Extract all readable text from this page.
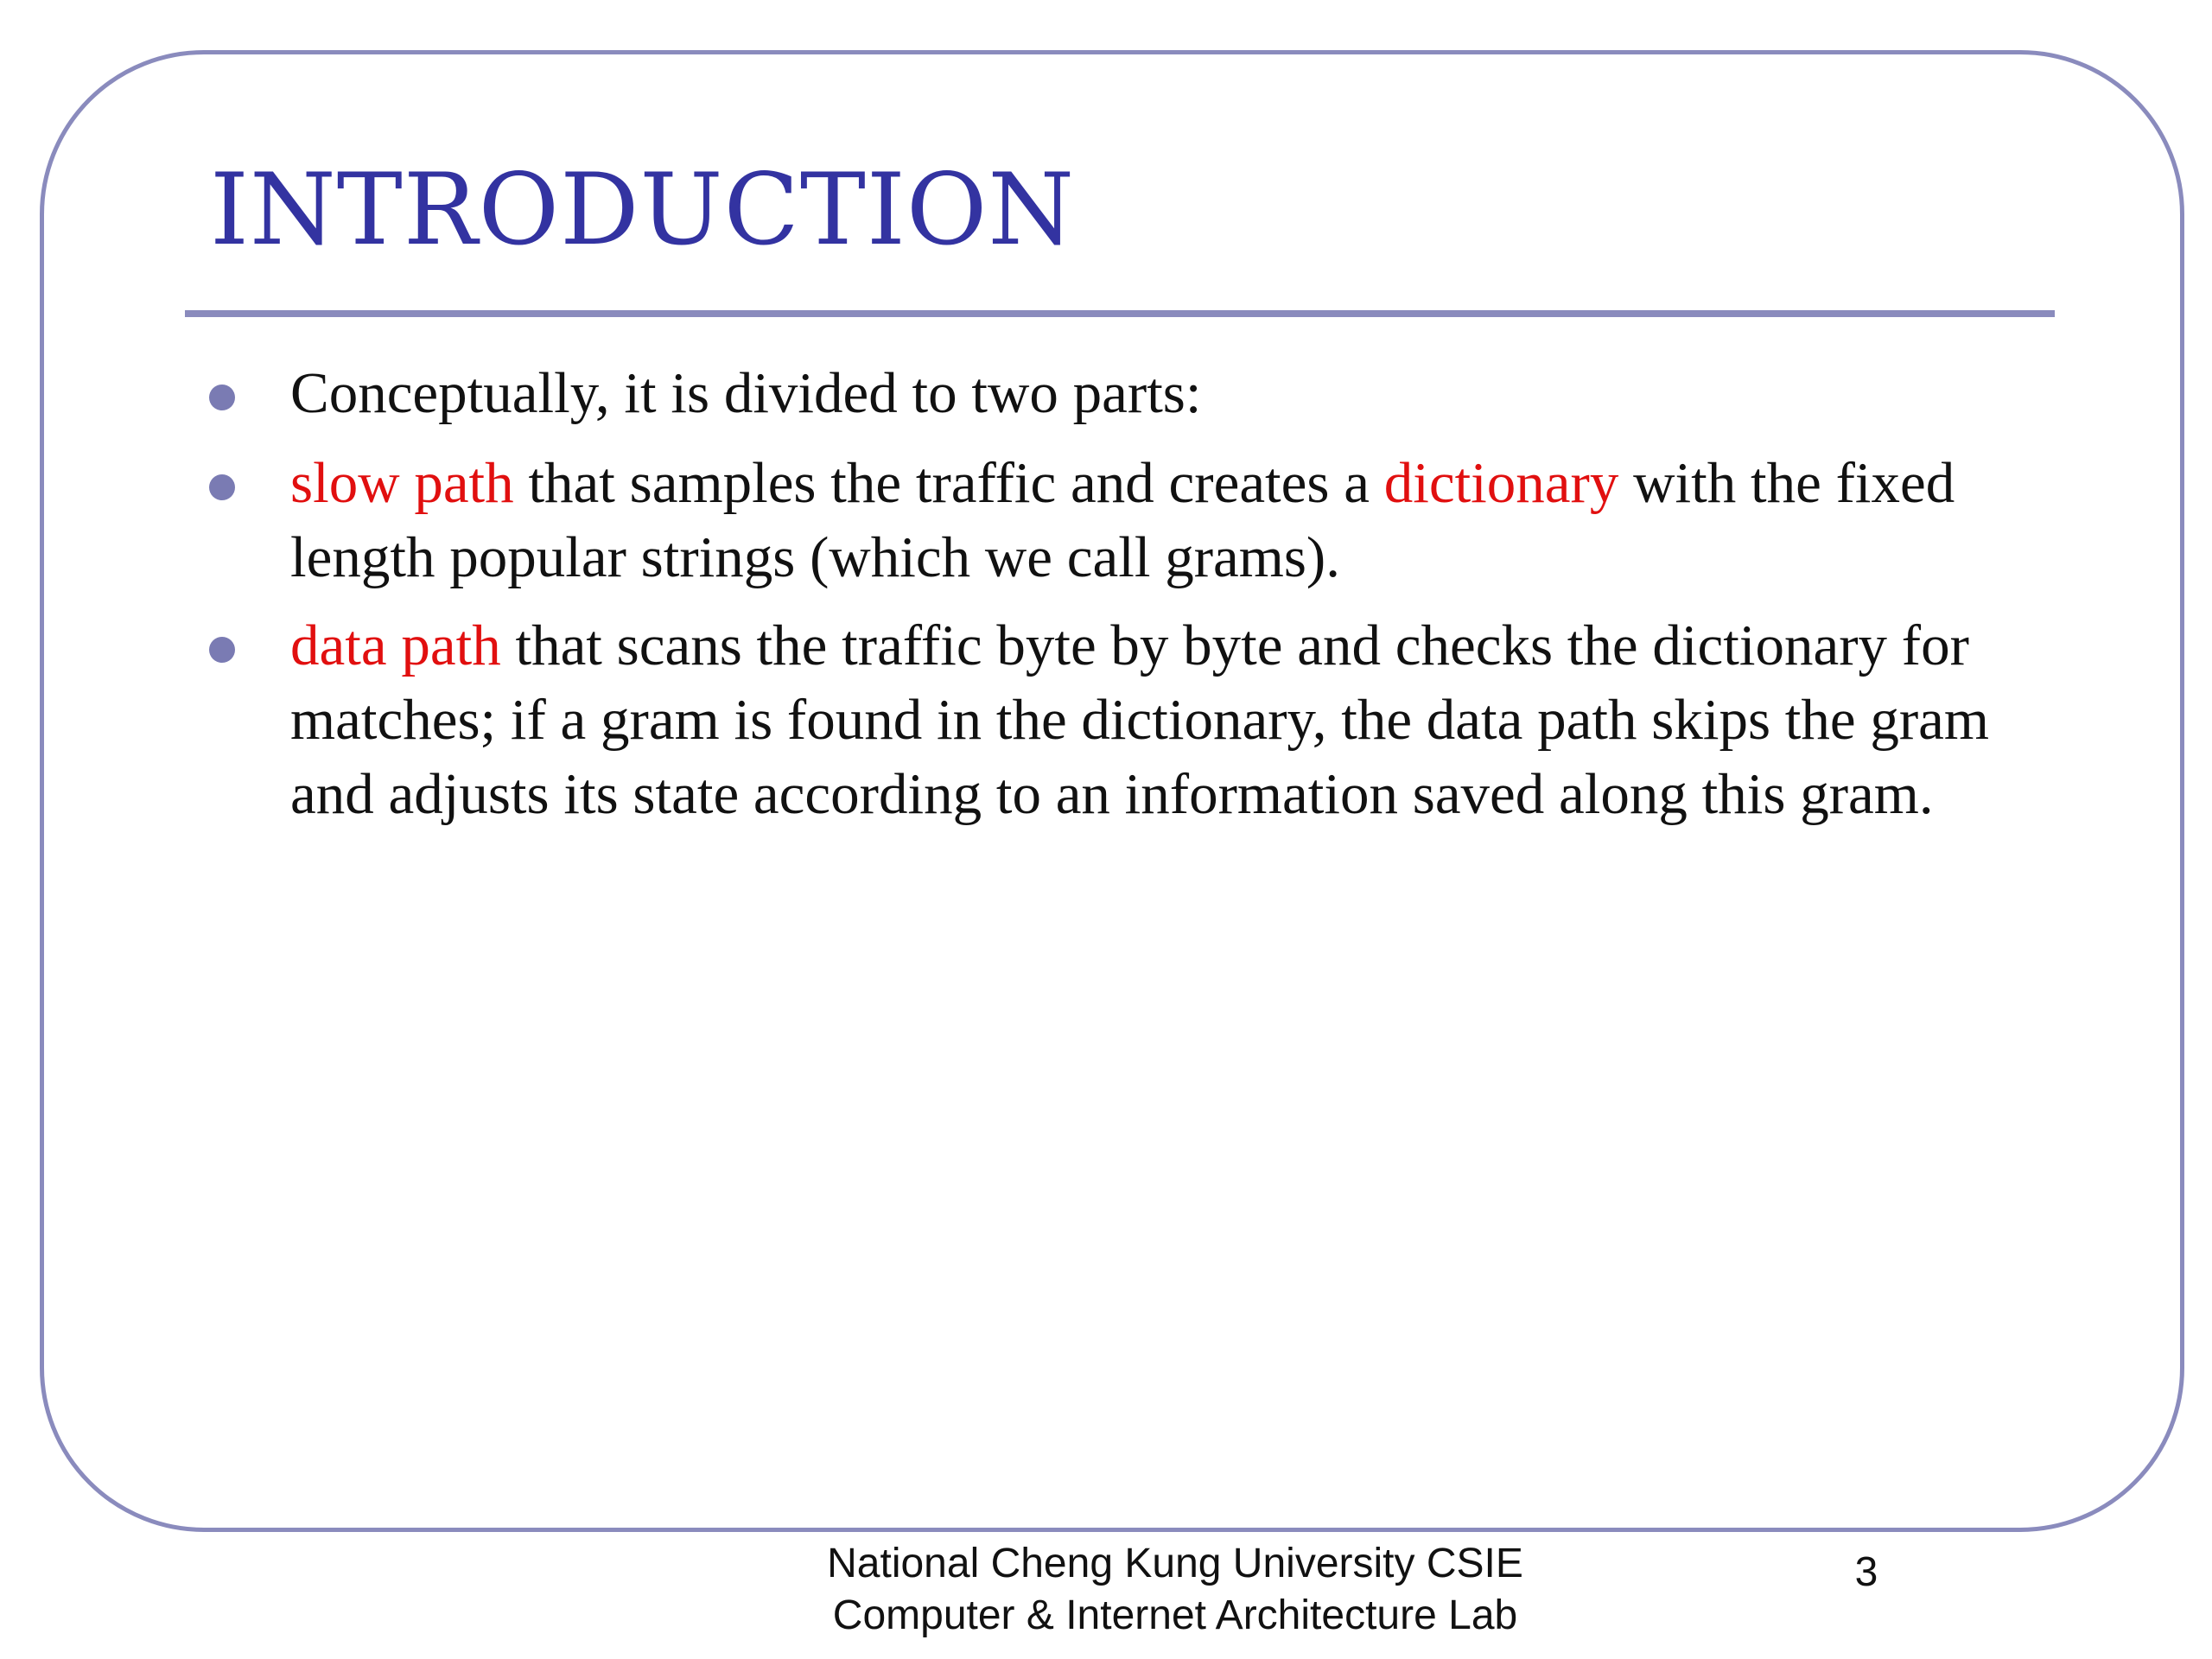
INTRODUCTION
Conceptually, it is divided to two parts:
slow path that samples the traffic and creates a dictionary with the fixed length popular strings (which we call grams).
data path that scans the traffic byte by byte and checks the dictionary for matches; if a gram is found in the dictionary, the data path skips the gram and adjusts its state according to an information saved along this gram.
National Cheng Kung University CSIE
Computer & Internet Architecture Lab
3
